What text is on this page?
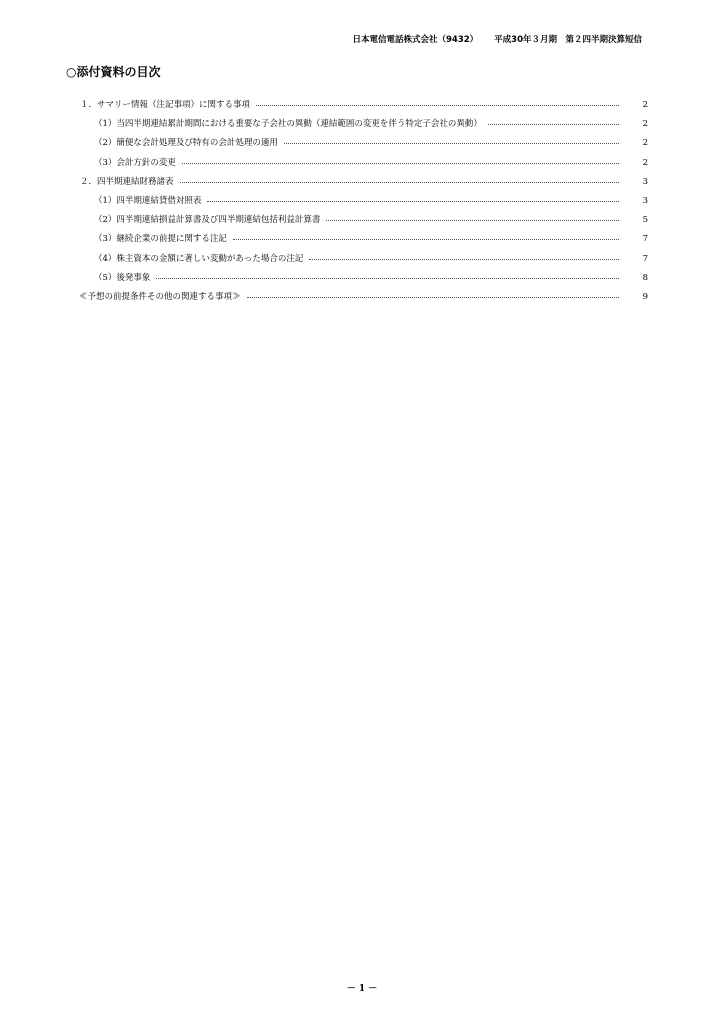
日本電信電話株式会社（9432） 平成30年３月期　第２四半期決算短信
○添付資料の目次
１．サマリー情報（注記事項）に関する事項	2
（1）当四半期連結累計期間における重要な子会社の異動（連結範囲の変更を伴う特定子会社の異動）	2
（2）簡便な会計処理及び特有の会計処理の適用	2
（3）会計方針の変更	2
２．四半期連結財務諸表	3
（1）四半期連結貸借対照表	3
（2）四半期連結損益計算書及び四半期連結包括利益計算書	5
（3）継続企業の前提に関する注記	7
（4）株主資本の金額に著しい変動があった場合の注記	7
（5）後発事象	8
≪予想の前提条件その他の関連する事項≫	9
－ 1 －
